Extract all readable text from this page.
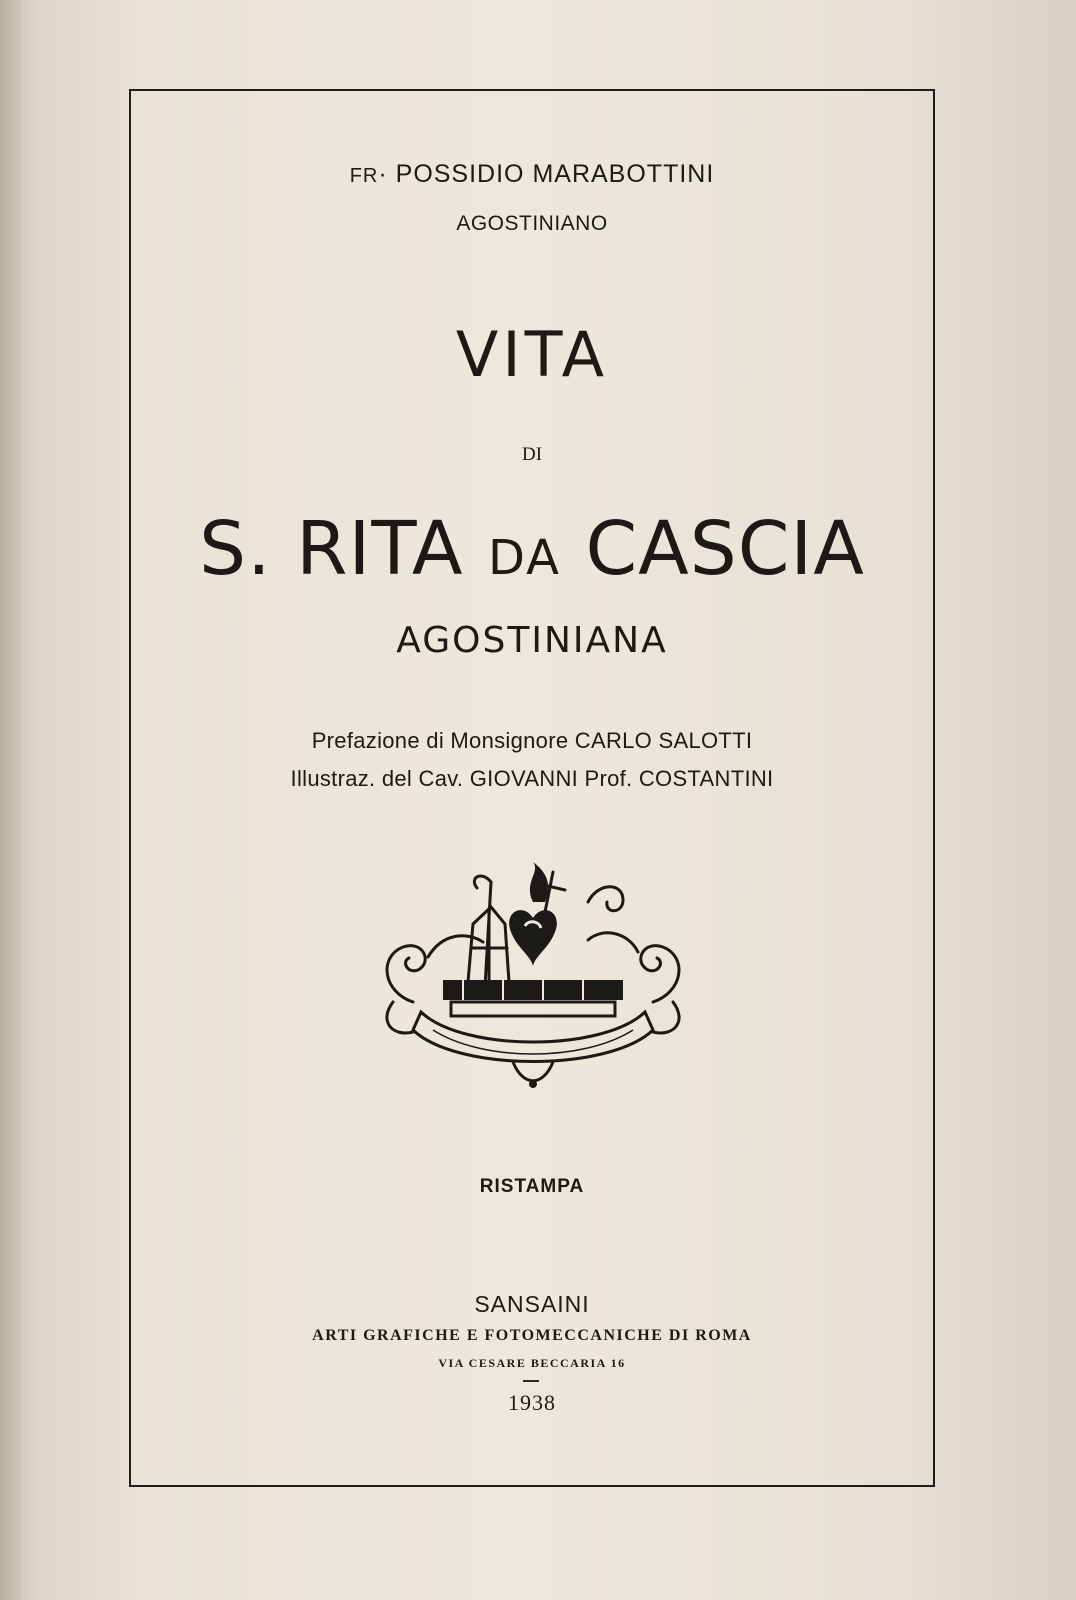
FR· POSSIDIO MARABOTTINI
AGOSTINIANO
VITA
DI
S. RITA DA CASCIA
AGOSTINIANA
Prefazione di Monsignore CARLO SALOTTI
Illustraz. del Cav. GIOVANNI Prof. COSTANTINI
RISTAMPA
SANSAINI
ARTI GRAFICHE E FOTOMECCANICHE DI ROMA
VIA CESARE BECCARIA 16
1938
